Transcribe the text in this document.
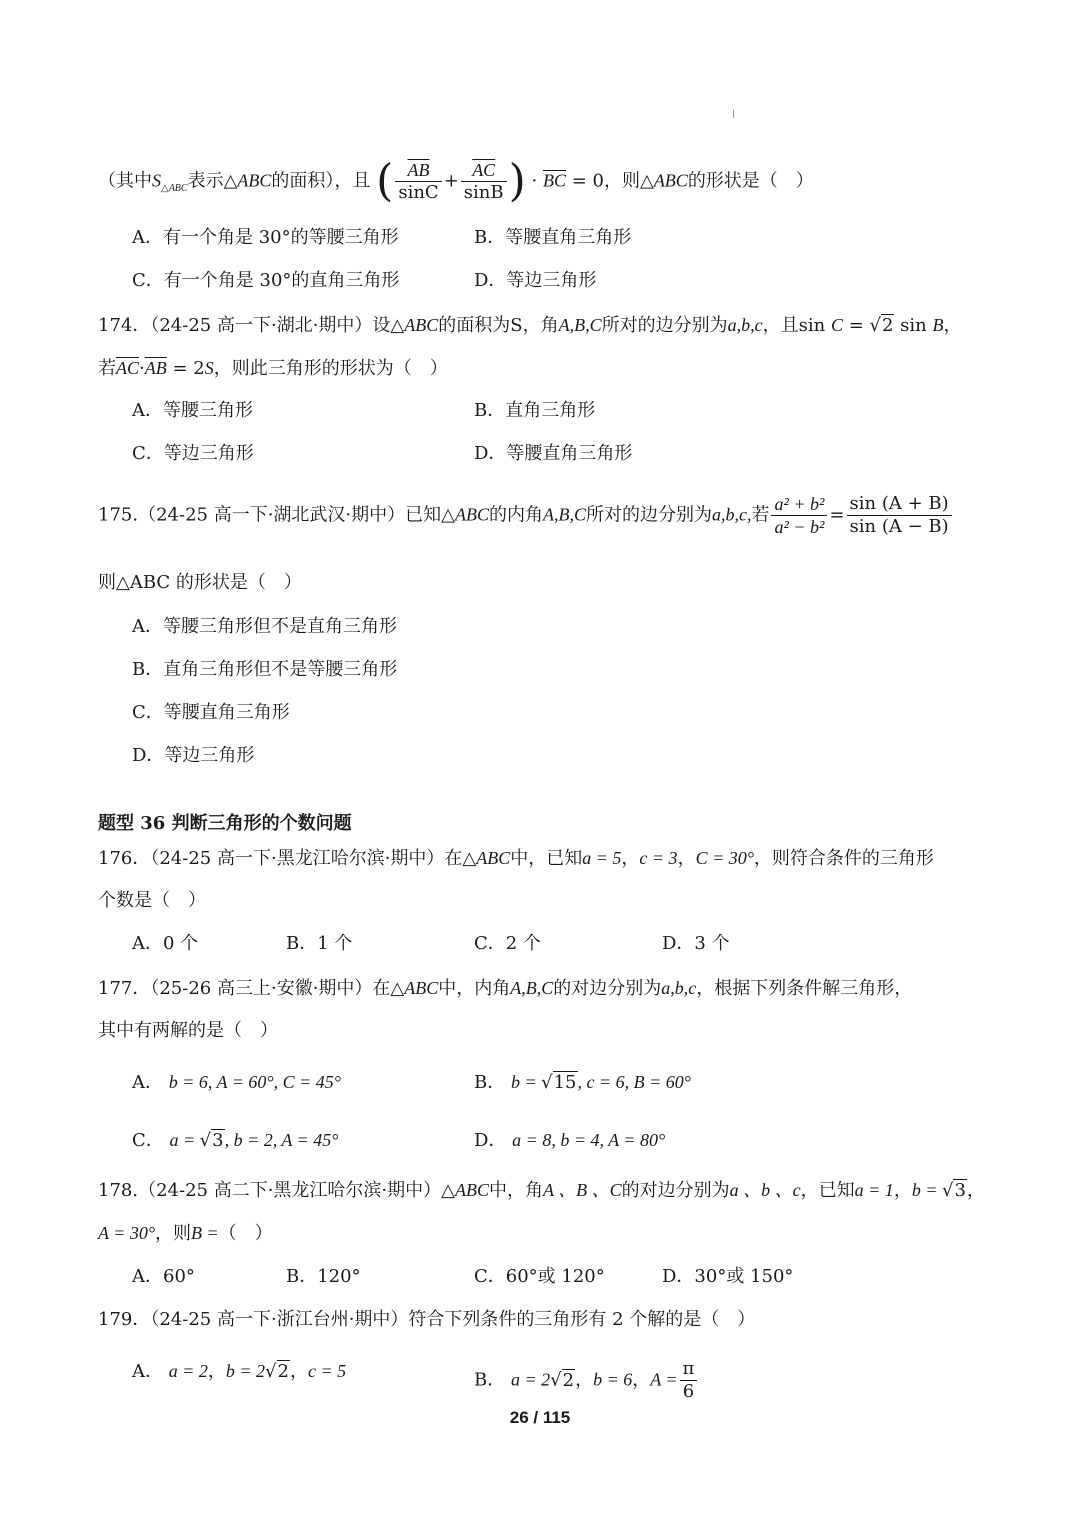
（其中$S_{\triangle ABC}$表示△ABC的面积），且 ( $\frac{\overline{AB}}{\sin C} + \frac{\overline{AC}}{\sin B}$ ) · $\overline{BC} = 0$，则△ABC的形状是（　）
A．有一个角是 30°的等腰三角形	B．等腰直角三角形
C．有一个角是 30°的直角三角形	D．等边三角形
174．（24-25 高一下·湖北·期中）设△ABC的面积为S，角A,B,C所对的边分别为a,b,c，且sin C = √2 sin B，
若$\overline{AC}\cdot\overline{AB} = 2S$，则此三角形的形状为（　）
A．等腰三角形	B．直角三角形
C．等边三角形	D．等腰直角三角形
175.（24-25 高一下·湖北武汉·期中）已知△ABC的内角A,B,C所对的边分别为a,b,c,若 $\frac{\text{a² + b²}}{\text{a² − b²}} = \frac{\sin (A + B)}{\sin (A - B)}$
则△ABC 的形状是（　）
A．等腰三角形但不是直角三角形
B．直角三角形但不是等腰三角形
C．等腰直角三角形
D．等边三角形
题型 36 判断三角形的个数问题
176．（24-25 高一下·黑龙江哈尔滨·期中）在△ABC中，已知a = 5，c = 3，C = 30°，则符合条件的三角形
个数是（　）
A．0 个	B．1 个	C．2 个	D．3 个
177．（25-26 高三上·安徽·期中）在△ABC中，内角A,B,C的对边分别为a,b,c，根据下列条件解三角形，
其中有两解的是（　）
A． b = 6, A = 60°, C = 45°	B． b = √15, c = 6, B = 60°
C． a = √3, b = 2, A = 45°	D． a = 8, b = 4, A = 80°
178.（24-25 高二下·黑龙江哈尔滨·期中）△ABC中，角A 、B 、C的对边分别为a 、b 、c，已知a = 1，b = √3，
A = 30°，则B =（　）
A．60°	B．120°	C．60°或 120°	D．30°或 150°
179．（24-25 高一下·浙江台州·期中）符合下列条件的三角形有 2 个解的是（　）
A． a = 2，b = 2√2，c = 5	B． a = 2√2，b = 6，$A = \frac{\pi}{6}$
26 / 115
